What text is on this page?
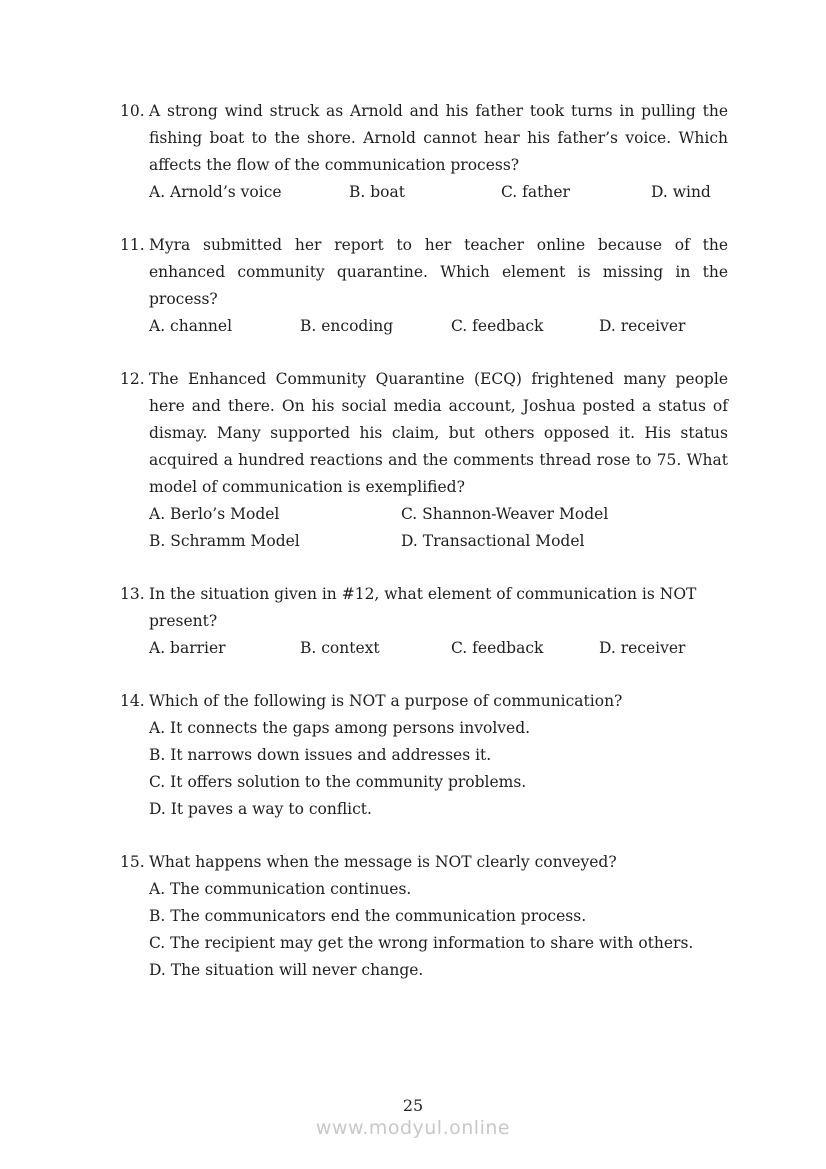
10. A strong wind struck as Arnold and his father took turns in pulling the fishing boat to the shore. Arnold cannot hear his father’s voice. Which affects the flow of the communication process?

A. Arnold’s voice	B. boat	C. father	D. wind
11. Myra submitted her report to her teacher online because of the enhanced community quarantine. Which element is missing in the process?

A. channel	B. encoding	C. feedback	D. receiver
12. The Enhanced Community Quarantine (ECQ) frightened many people here and there. On his social media account, Joshua posted a status of dismay. Many supported his claim, but others opposed it. His status acquired a hundred reactions and the comments thread rose to 75. What model of communication is exemplified?

A. Berlo’s Model	C. Shannon-Weaver Model
B. Schramm Model	D. Transactional Model
13. In the situation given in #12, what element of communication is NOT present?

A. barrier	B. context	C. feedback	D. receiver
14. Which of the following is NOT a purpose of communication?

A. It connects the gaps among persons involved.
B. It narrows down issues and addresses it.
C. It offers solution to the community problems.
D. It paves a way to conflict.
15. What happens when the message is NOT clearly conveyed?

A. The communication continues.
B. The communicators end the communication process.
C. The recipient may get the wrong information to share with others.
D. The situation will never change.
25
www.modyul.online
